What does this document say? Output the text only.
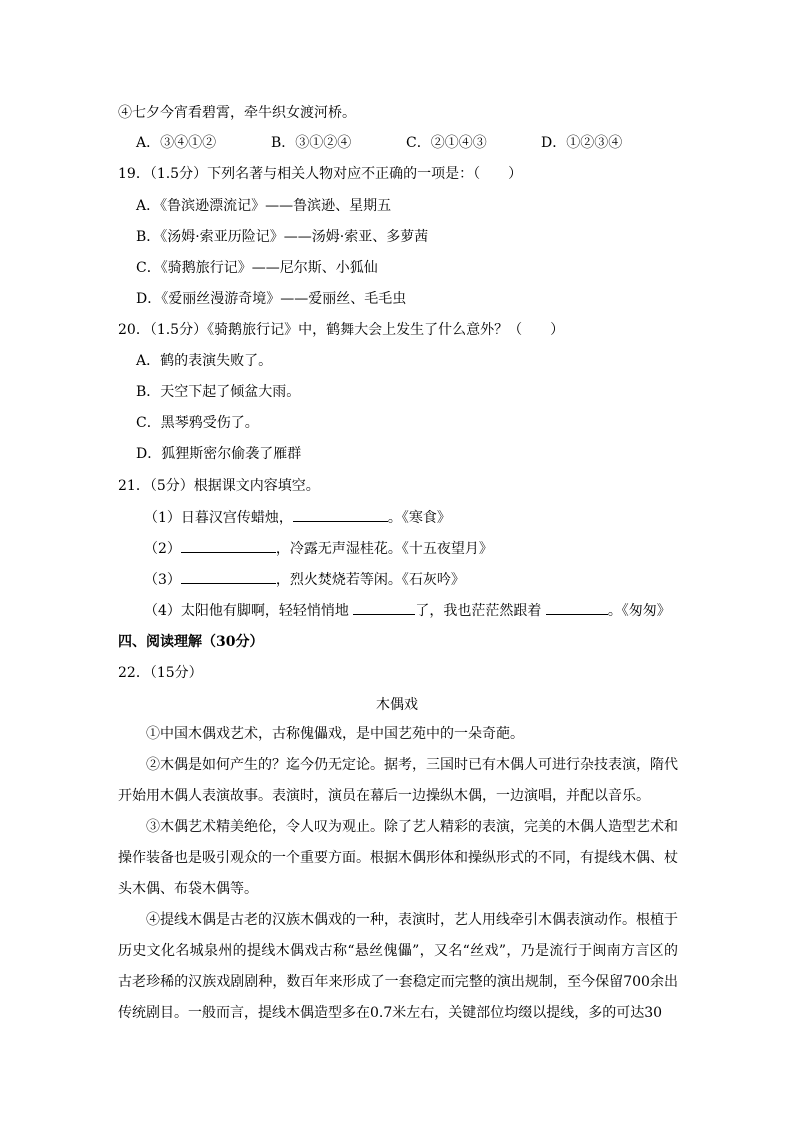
④七夕今宵看碧霄，牵牛织女渡河桥。
A．③④①②	B．③①②④	C．②①④③	D．①②③④
19．（1.5分）下列名著与相关人物对应不正确的一项是：（　　）
A．《鲁滨逊漂流记》——鲁滨逊、星期五
B．《汤姆·索亚历险记》——汤姆·索亚、多萝茜
C．《骑鹅旅行记》——尼尔斯、小狐仙
D．《爱丽丝漫游奇境》——爱丽丝、毛毛虫
20．（1.5分）《骑鹅旅行记》中，鹤舞大会上发生了什么意外？（　　）
A．鹤的表演失败了。
B．天空下起了倾盆大雨。
C．黑琴鸦受伤了。
D．狐狸斯密尔偷袭了雁群
21．（5分）根据课文内容填空。
（1）日暮汉宫传蜡烛，	。《寒食》
（2）	，冷露无声湿桂花。《十五夜望月》
（3）	，烈火焚烧若等闲。《石灰吟》
（4）太阳他有脚啊，轻轻悄悄地	了，我也茫茫然跟着	。《匆匆》
四、阅读理解（30分）
22．（15分）
木偶戏
①中国木偶戏艺术，古称傀儡戏，是中国艺苑中的一朵奇葩。
②木偶是如何产生的？迄今仍无定论。据考，三国时已有木偶人可进行杂技表演，隋代开始用木偶人表演故事。表演时，演员在幕后一边操纵木偶，一边演唱，并配以音乐。
③木偶艺术精美绝伦，令人叹为观止。除了艺人精彩的表演，完美的木偶人造型艺术和操作装备也是吸引观众的一个重要方面。根据木偶形体和操纵形式的不同，有提线木偶、杖头木偶、布袋木偶等。
④提线木偶是古老的汉族木偶戏的一种，表演时，艺人用线牵引木偶表演动作。根植于历史文化名城泉州的提线木偶戏古称“悬丝傀儡”，又名“丝戏”，乃是流行于闽南方言区的古老珍稀的汉族戏剧剧种，数百年来形成了一套稳定而完整的演出规制，至今保留700余出传统剧目。一般而言，提线木偶造型多在0.7米左右，关键部位均缀以提线，多的可达30
